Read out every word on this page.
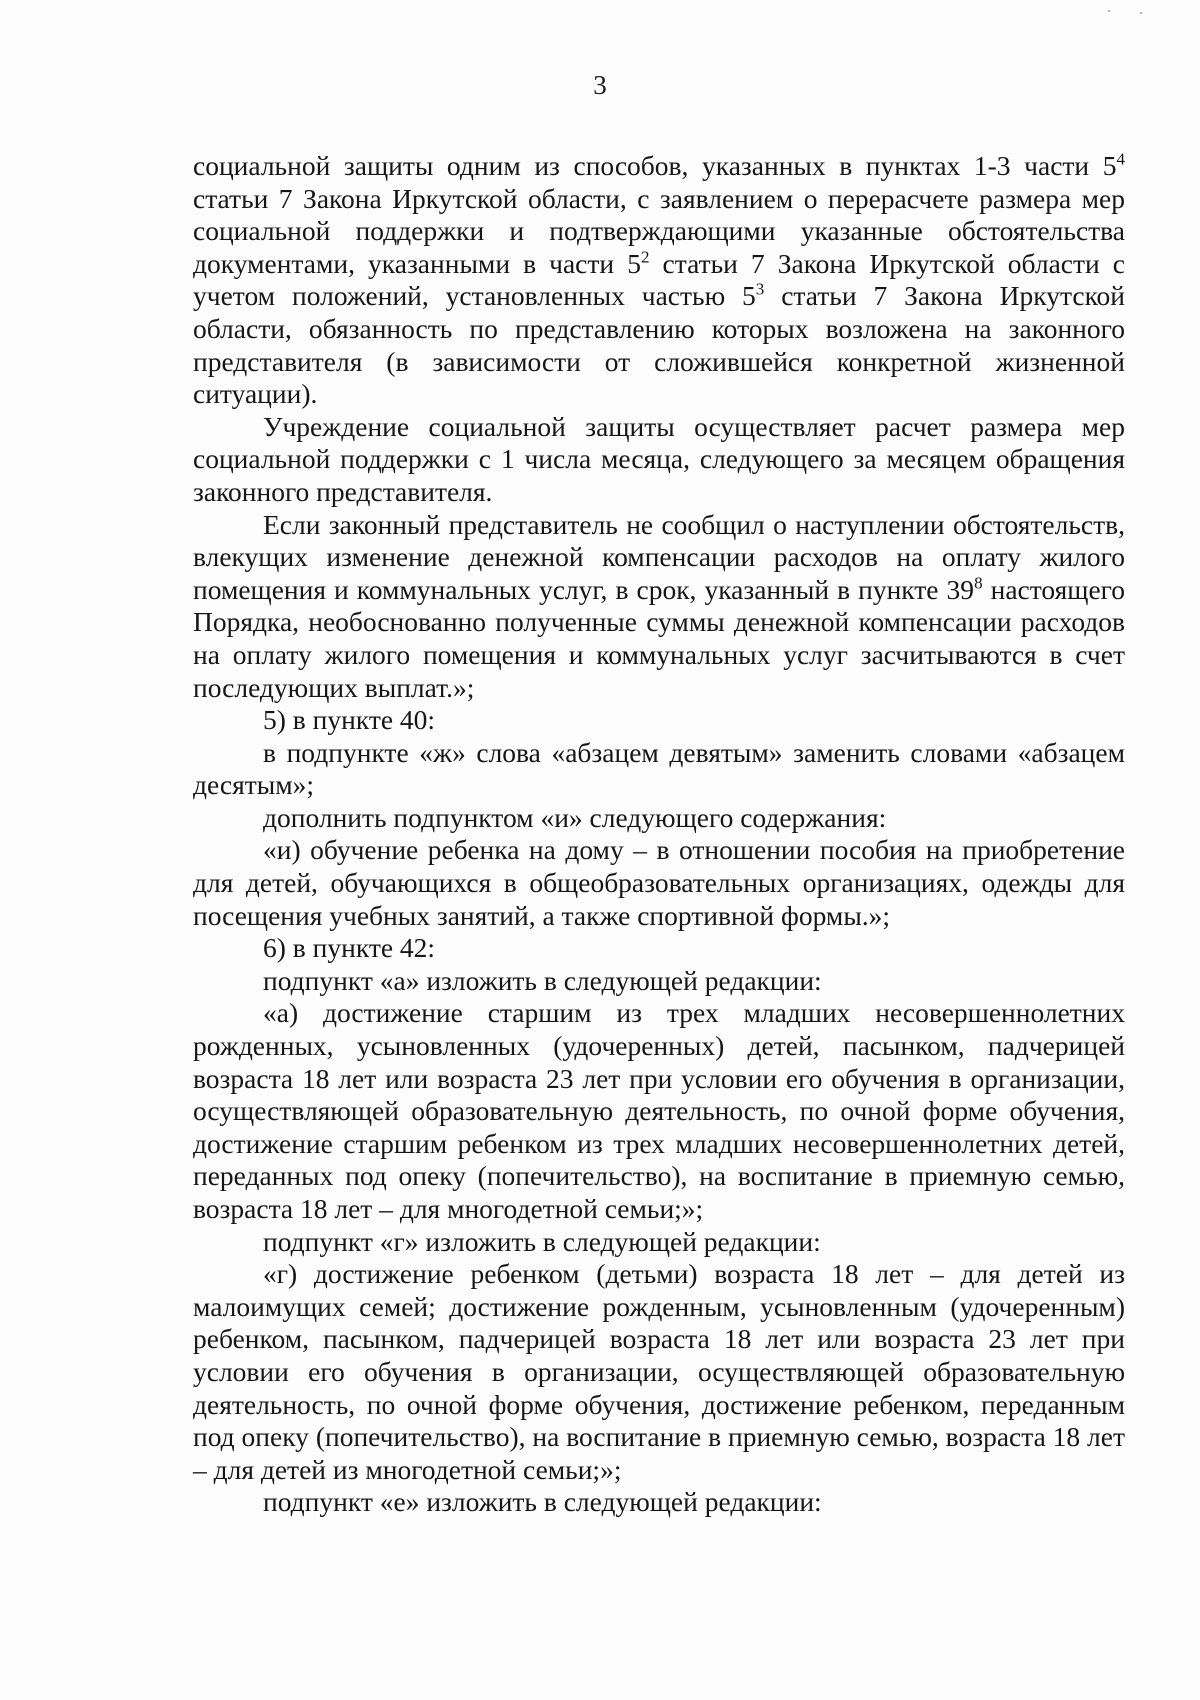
3

социальной защиты одним из способов, указанных в пунктах 1-3 части $5^4$ статьи 7 Закона Иркутской области, с заявлением о перерасчете размера мер социальной поддержки и подтверждающими указанные обстоятельства документами, указанными в части $5^2$ статьи 7 Закона Иркутской области с учетом положений, установленных частью $5^3$ статьи 7 Закона Иркутской области, обязанность по представлению которых возложена на законного представителя (в зависимости от сложившейся конкретной жизненной ситуации).

Учреждение социальной защиты осуществляет расчет размера мер социальной поддержки с 1 числа месяца, следующего за месяцем обращения законного представителя.

Если законный представитель не сообщил о наступлении обстоятельств, влекущих изменение денежной компенсации расходов на оплату жилого помещения и коммунальных услуг, в срок, указанный в пункте $39^8$ настоящего Порядка, необоснованно полученные суммы денежной компенсации расходов на оплату жилого помещения и коммунальных услуг засчитываются в счет последующих выплат.»;

5) в пункте 40:

в подпункте «ж» слова «абзацем девятым» заменить словами «абзацем десятым»;

дополнить подпунктом «и» следующего содержания:

«и) обучение ребенка на дому – в отношении пособия на приобретение для детей, обучающихся в общеобразовательных организациях, одежды для посещения учебных занятий, а также спортивной формы.»;

6) в пункте 42:

подпункт «а» изложить в следующей редакции:

«а) достижение старшим из трех младших несовершеннолетних рожденных, усыновленных (удочеренных) детей, пасынком, падчерицей возраста 18 лет или возраста 23 лет при условии его обучения в организации, осуществляющей образовательную деятельность, по очной форме обучения, достижение старшим ребенком из трех младших несовершеннолетних детей, переданных под опеку (попечительство), на воспитание в приемную семью, возраста 18 лет – для многодетной семьи;»;

подпункт «г» изложить в следующей редакции:

«г) достижение ребенком (детьми) возраста 18 лет – для детей из малоимущих семей; достижение рожденным, усыновленным (удочеренным) ребенком, пасынком, падчерицей возраста 18 лет или возраста 23 лет при условии его обучения в организации, осуществляющей образовательную деятельность, по очной форме обучения, достижение ребенком, переданным под опеку (попечительство), на воспитание в приемную семью, возраста 18 лет – для детей из многодетной семьи;»;

подпункт «е» изложить в следующей редакции:
